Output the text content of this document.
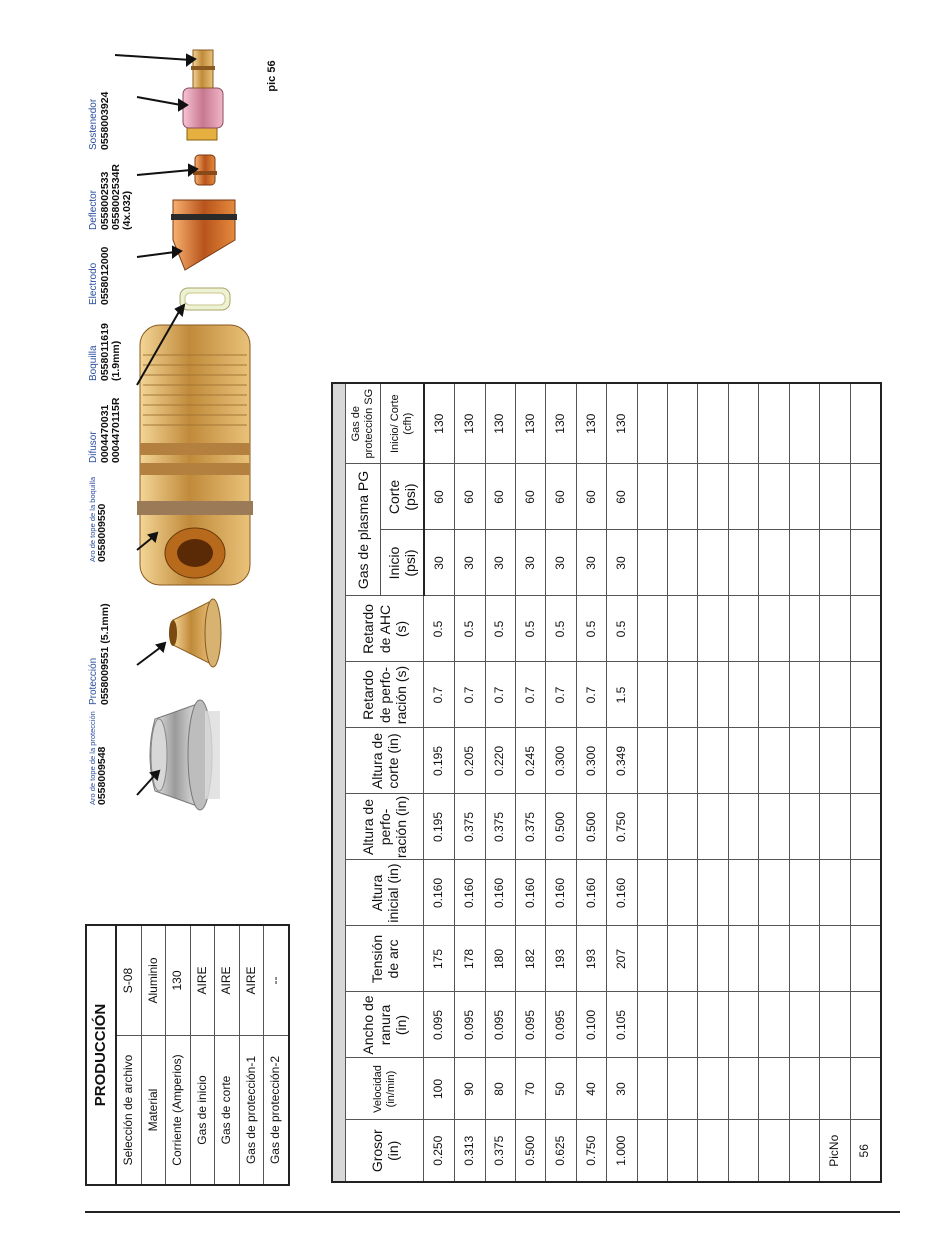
Aro de tope de la protección
0558009548
Protección 0558009551 (5.1mm)
Aro de tope de la boquilla
0558009550
Difusor 0004470031 0004470115R
Boquilla 0558011619 (1.9mm)
Electrodo 0558012000
Deflector 0558002533 0558002534R (4x.032)
Sostenedor 0558003924
pic 56
PRODUCCIÓN	
Selección de archivo	S-08
Material	Aluminio
Corriente (Amperios)	130
Gas de inicio	AIRE
Gas de corte	AIRE
Gas de protección-1	AIRE
Gas de protección-2	--

Grosor (in)	Velocidad (in/min)	Ancho de ranura (in)	Tensión de arc	Altura inicial (in)	Altura de perfo- ración (in)	Altura de corte (in)	Retardo de perfo- ración (s)	Retardo de AHC (s)	Gas de plasma PG		Gas de protección SG
									Inicio (psi)	Corte (psi)	Inicio/ Corte (cfh)
0.250	100	0.095	175	0.160	0.195	0.195	0.7	0.5	30	60	130
0.313	90	0.095	178	0.160	0.375	0.205	0.7	0.5	30	60	130
0.375	80	0.095	180	0.160	0.375	0.220	0.7	0.5	30	60	130
0.500	70	0.095	182	0.160	0.375	0.245	0.7	0.5	30	60	130
0.625	50	0.095	193	0.160	0.500	0.300	0.7	0.5	30	60	130
0.750	40	0.100	193	0.160	0.500	0.300	0.7	0.5	30	60	130
1.000	30	0.105	207	0.160	0.750	0.349	1.5	0.5	30	60	130

PicNo											
56											
